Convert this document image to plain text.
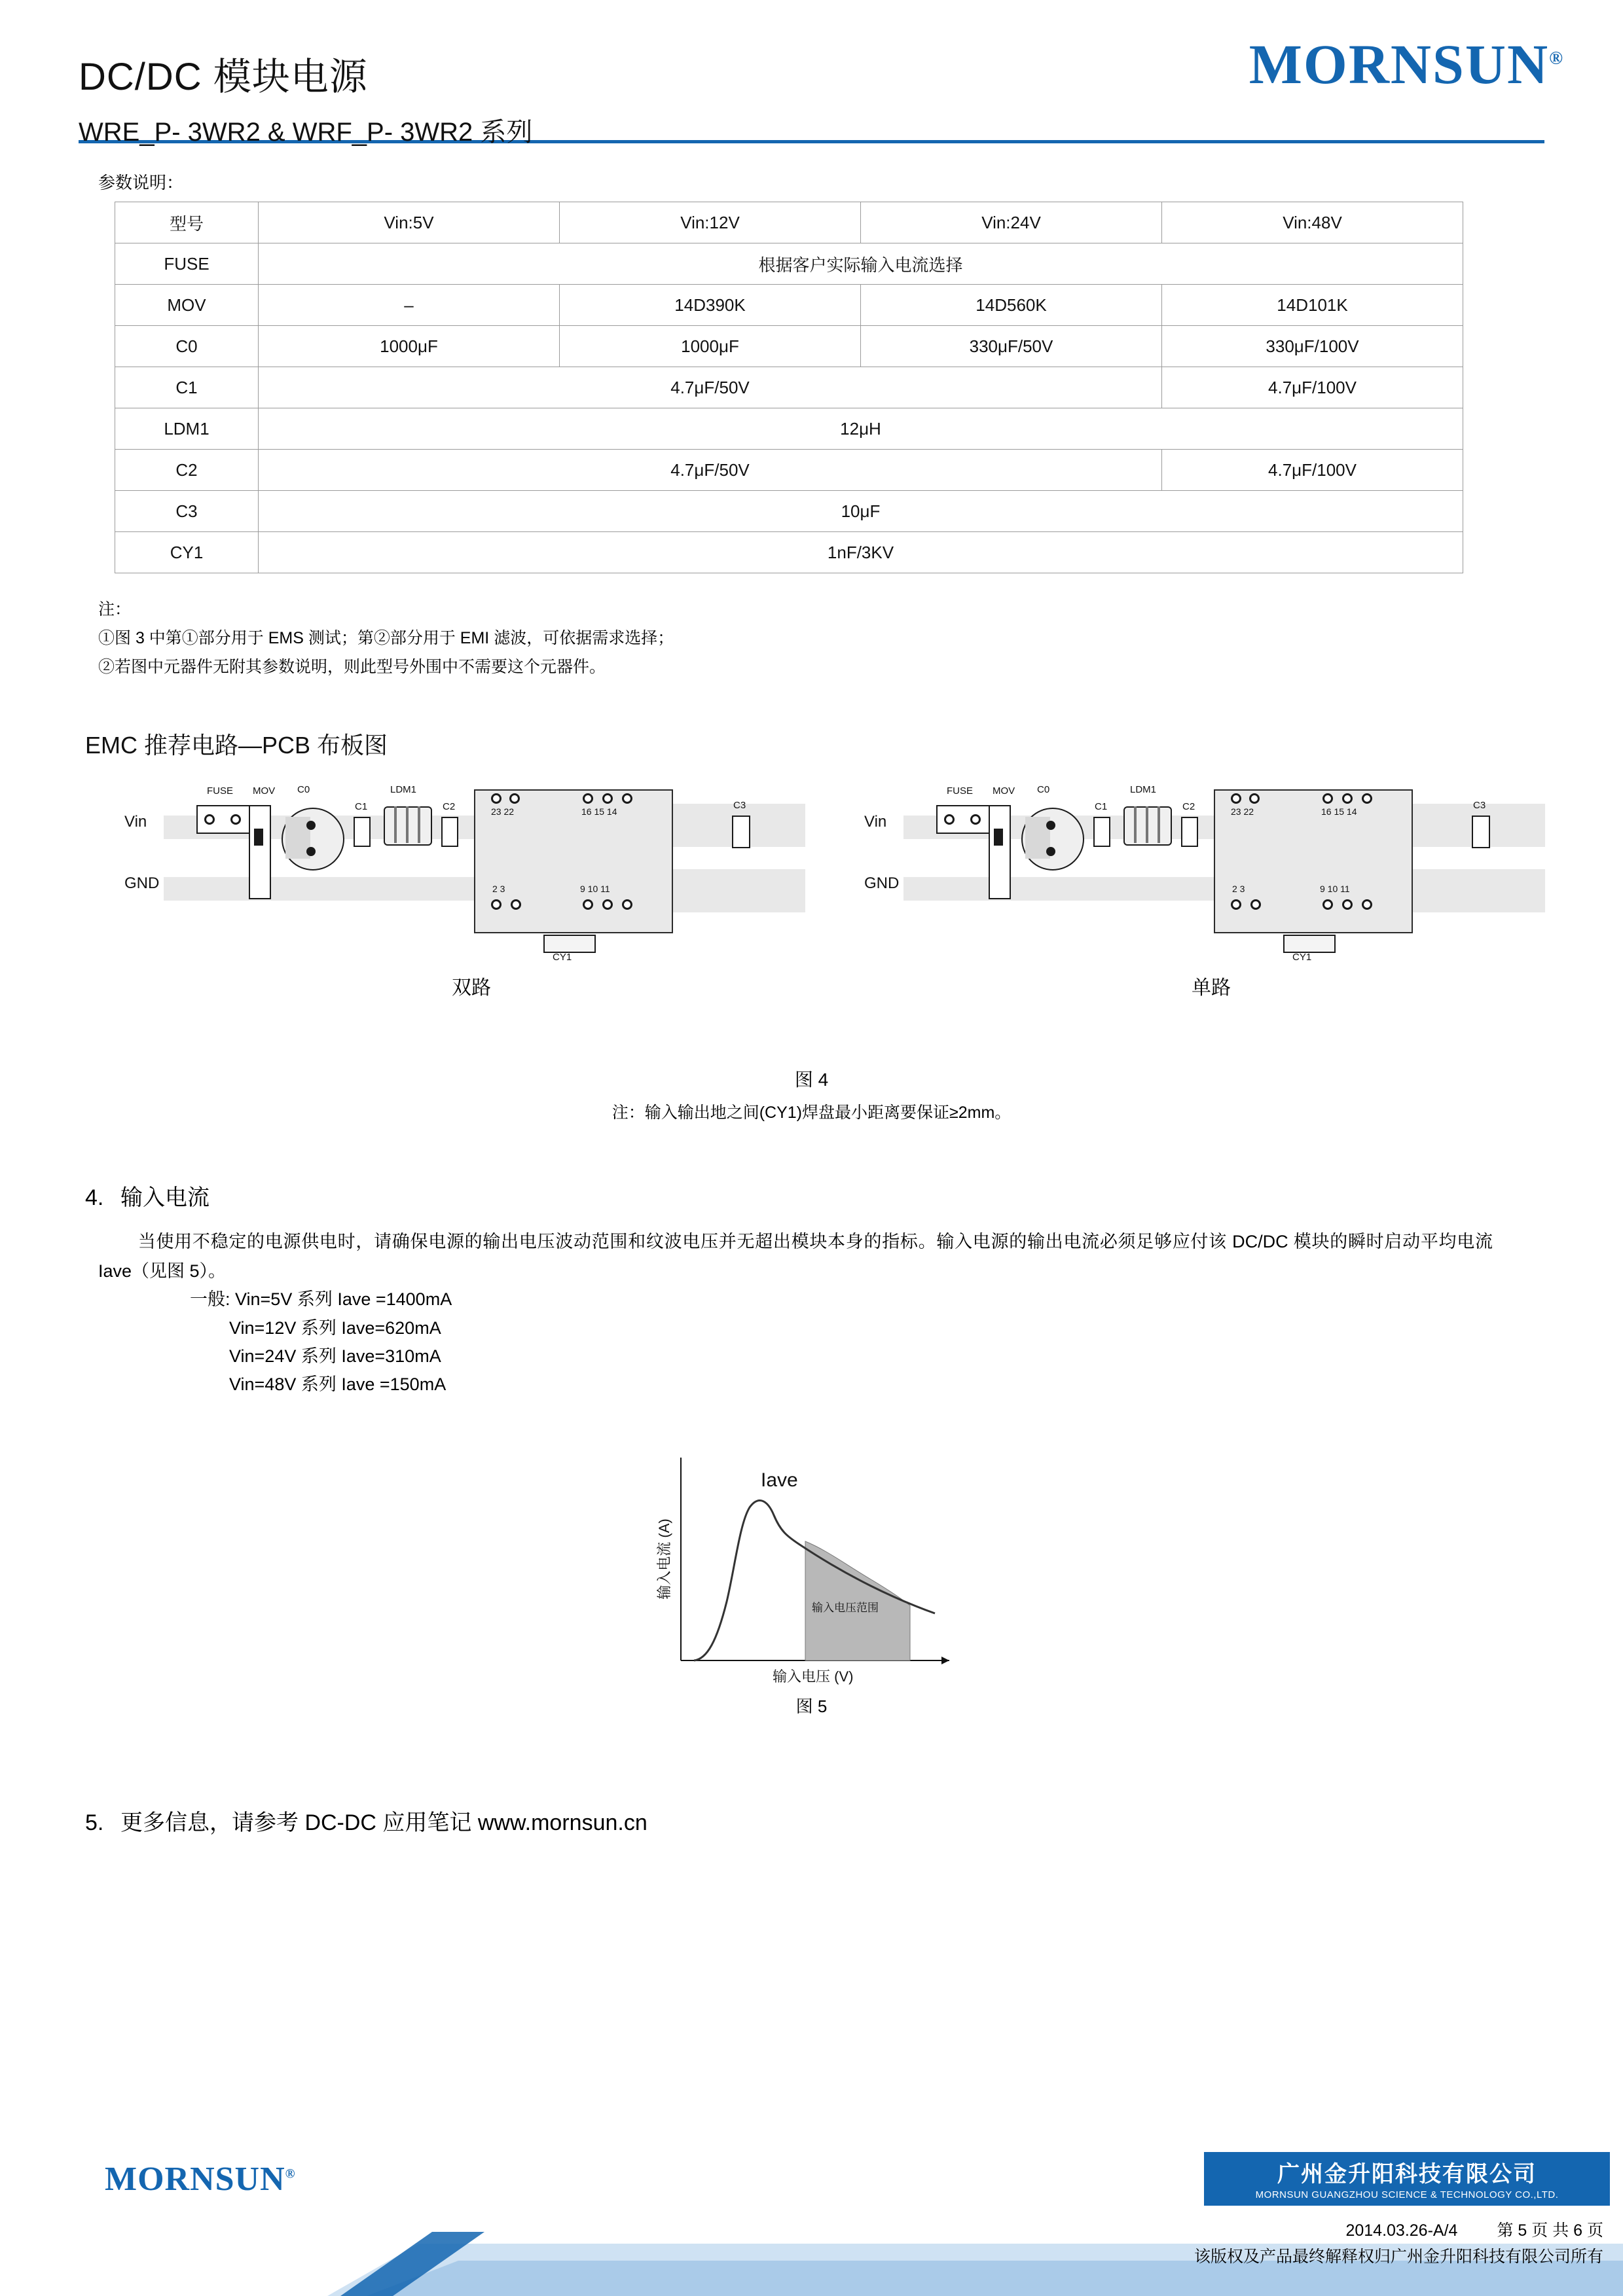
DC/DC 模块电源
WRE_P- 3WR2 & WRF_P- 3WR2 系列
MORNSUN®
参数说明：
型号	Vin:5V	Vin:12V	Vin:24V	Vin:48V
FUSE	根据客户实际输入电流选择			
MOV	–	14D390K	14D560K	14D101K
C0	1000μF	1000μF	330μF/50V	330μF/100V
C1	4.7μF/50V			4.7μF/100V
LDM1	12μH			
C2	4.7μF/50V			4.7μF/100V
C3	10μF			
CY1	1nF/3KV			
注：
①图 3 中第①部分用于 EMS 测试；第②部分用于 EMI 滤波，可依据需求选择；
②若图中元器件无附其参数说明，则此型号外围中不需要这个元器件。
EMC 推荐电路—PCB 布板图
Vin
GND
FUSE MOV C0
C1
LDM1
C2	23 22	16 15 14
2 3	9 10 11
CY1
C3
双路
Vin
GND
FUSE MOV C0
C1
LDM1
C2	23 22	16 15 14
2 3	9 10 11
CY1
C3
单路
图 4
注：输入输出地之间(CY1)焊盘最小距离要保证≥2mm。
4. 输入电流
当使用不稳定的电源供电时，请确保电源的输出电压波动范围和纹波电压并无超出模块本身的指标。输入电源的输出电流必须足够应付该 DC/DC 模块的瞬时启动平均电流 Iave（见图 5）。
一般: Vin=5V 系列 Iave =1400mA
Vin=12V 系列 Iave=620mA
Vin=24V 系列 Iave=310mA
Vin=48V 系列 Iave =150mA
Iave
输入电压范围
输入电压 (V)
输入电流 (A)
图 5
5. 更多信息，请参考 DC-DC 应用笔记 www.mornsun.cn
MORNSUN®	广州金升阳科技有限公司
MORNSUN GUANGZHOU SCIENCE & TECHNOLOGY CO.,LTD.
2014.03.26-A/4 第 5 页 共 6 页
该版权及产品最终解释权归广州金升阳科技有限公司所有
